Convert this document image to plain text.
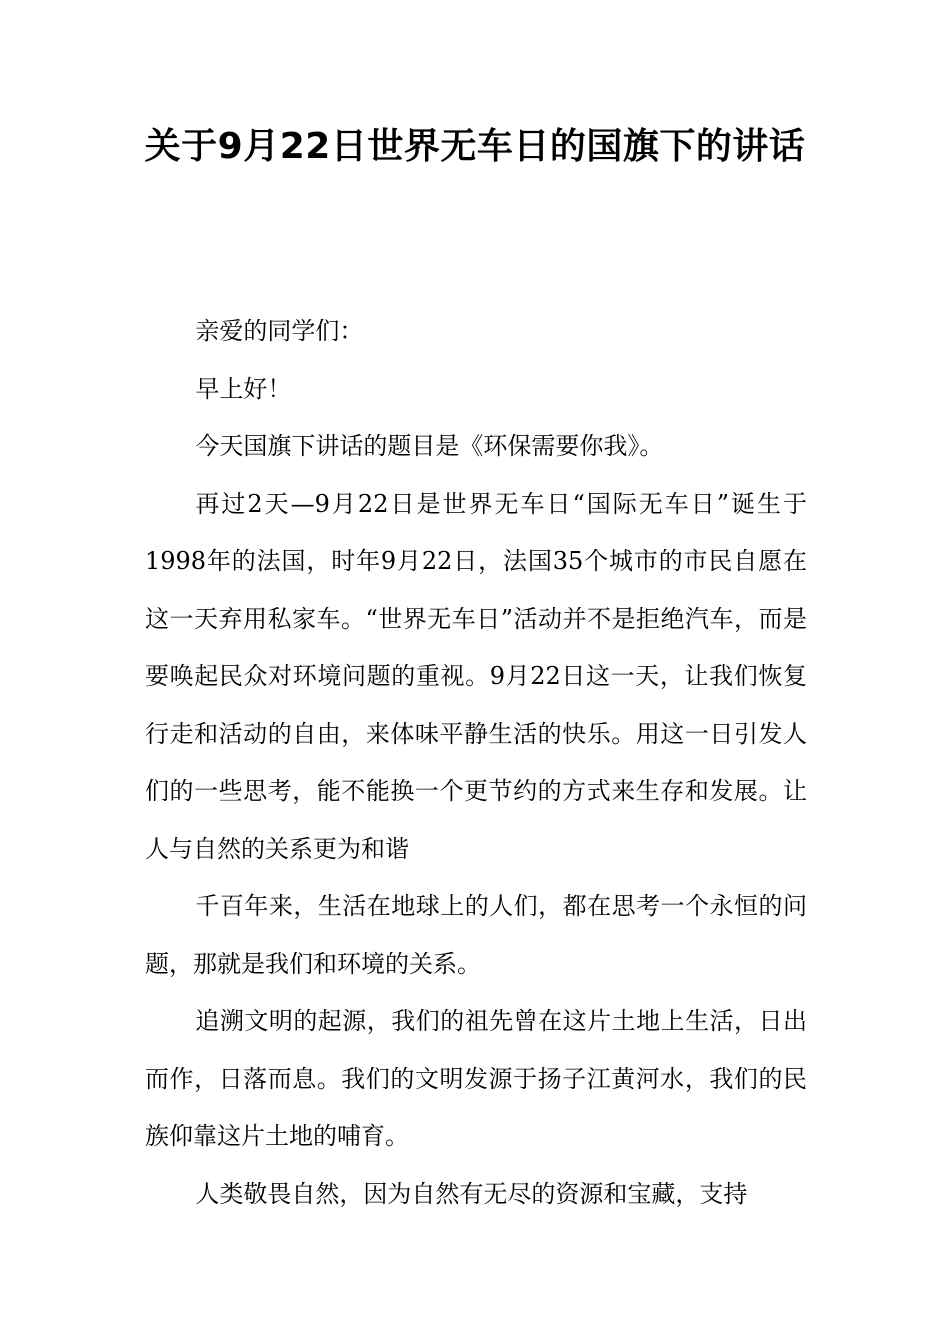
关于9月22日世界无车日的国旗下的讲话

亲爱的同学们：

早上好！

今天国旗下讲话的题目是《环保需要你我》。

再过2天—9月22日是世界无车日“国际无车日”诞生于1998年的法国，时年9月22日，法国35个城市的市民自愿在这一天弃用私家车。“世界无车日”活动并不是拒绝汽车，而是要唤起民众对环境问题的重视。9月22日这一天，让我们恢复行走和活动的自由，来体味平静生活的快乐。用这一日引发人们的一些思考，能不能换一个更节约的方式来生存和发展。让人与自然的关系更为和谐

千百年来，生活在地球上的人们，都在思考一个永恒的问题，那就是我们和环境的关系。

追溯文明的起源，我们的祖先曾在这片土地上生活，日出而作，日落而息。我们的文明发源于扬子江黄河水，我们的民族仰靠这片土地的哺育。

人类敬畏自然，因为自然有无尽的资源和宝藏，支持
